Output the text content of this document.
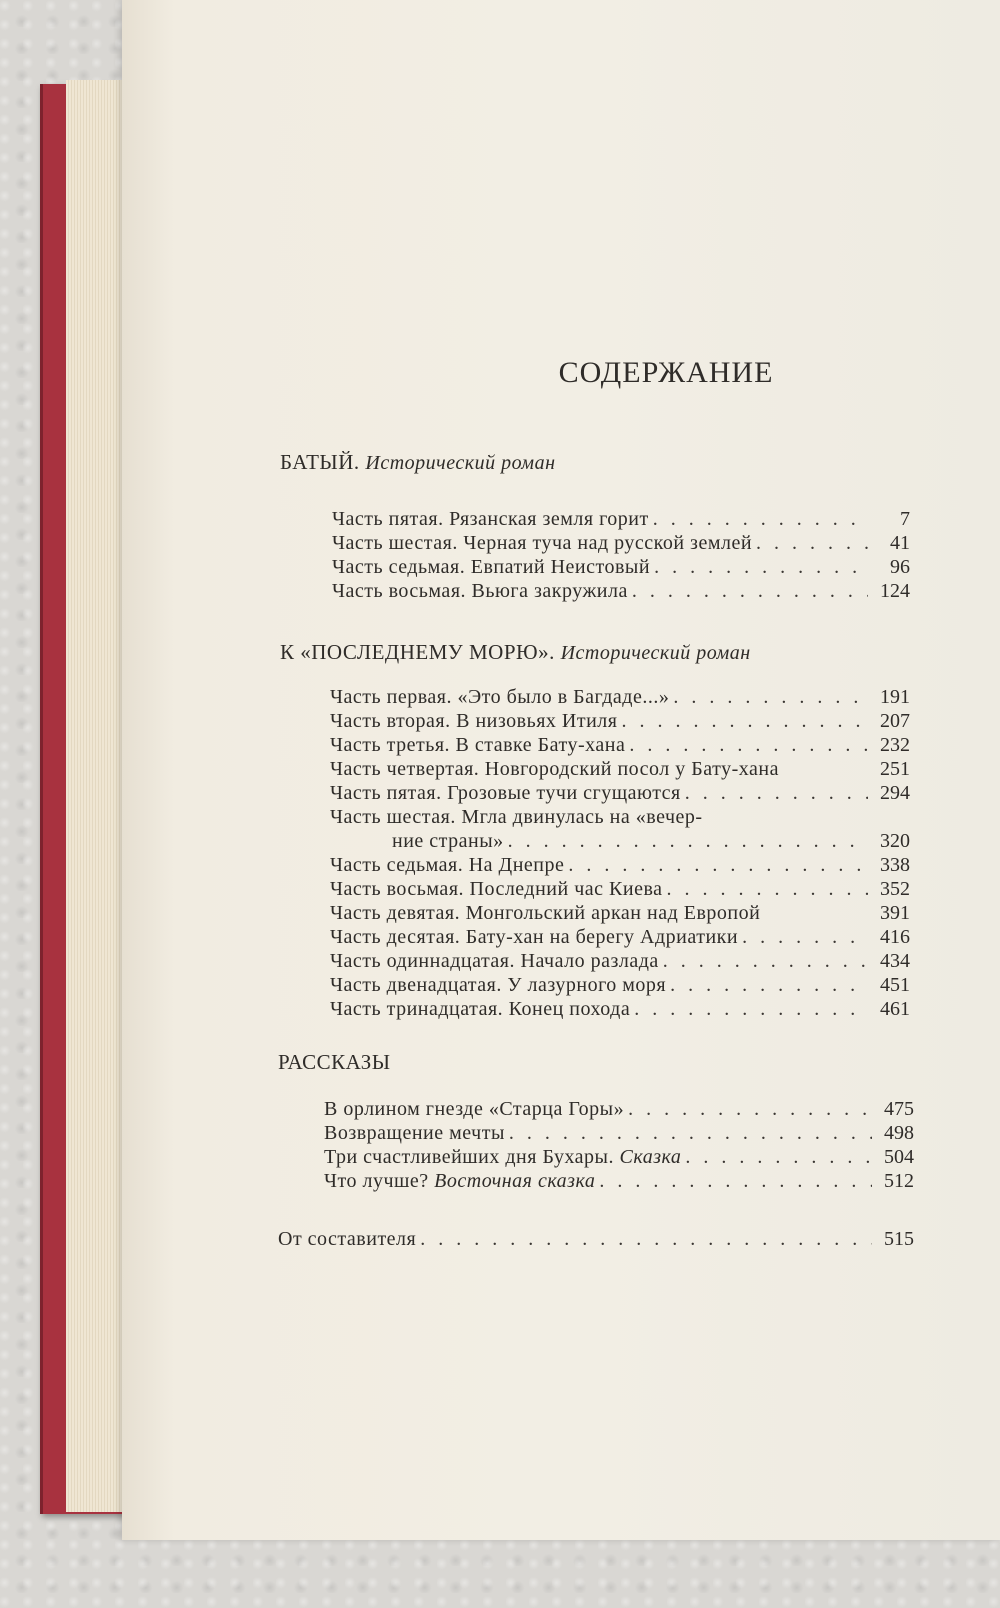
СОДЕРЖАНИЕ
БАТЫЙ. Исторический роман
Часть пятая. Рязанская земля горит . . .	7
Часть шестая. Черная туча над русской землей . . .	41
Часть седьмая. Евпатий Неистовый . . .	96
Часть восьмая. Вьюга закружила . . .	124
К «ПОСЛЕДНЕМУ МОРЮ». Исторический роман
Часть первая. «Это было в Багдаде...» . . .	191
Часть вторая. В низовьях Итиля . . .	207
Часть третья. В ставке Бату-хана . . .	232
Часть четвертая. Новгородский посол у Бату-хана	251
Часть пятая. Грозовые тучи сгущаются . . .	294
Часть шестая. Мгла двинулась на «вечер-
ние страны» . . .	320
Часть седьмая. На Днепре . . .	338
Часть восьмая. Последний час Киева . . .	352
Часть девятая. Монгольский аркан над Европой	391
Часть десятая. Бату-хан на берегу Адриатики . . .	416
Часть одиннадцатая. Начало разлада . . .	434
Часть двенадцатая. У лазурного моря . . .	451
Часть тринадцатая. Конец похода . . .	461
РАССКАЗЫ
В орлином гнезде «Старца Горы» . . .	475
Возвращение мечты . . .	498
Три счастливейших дня Бухары. Сказка . . .	504
Что лучше? Восточная сказка . . .	512
От составителя . . .	515
